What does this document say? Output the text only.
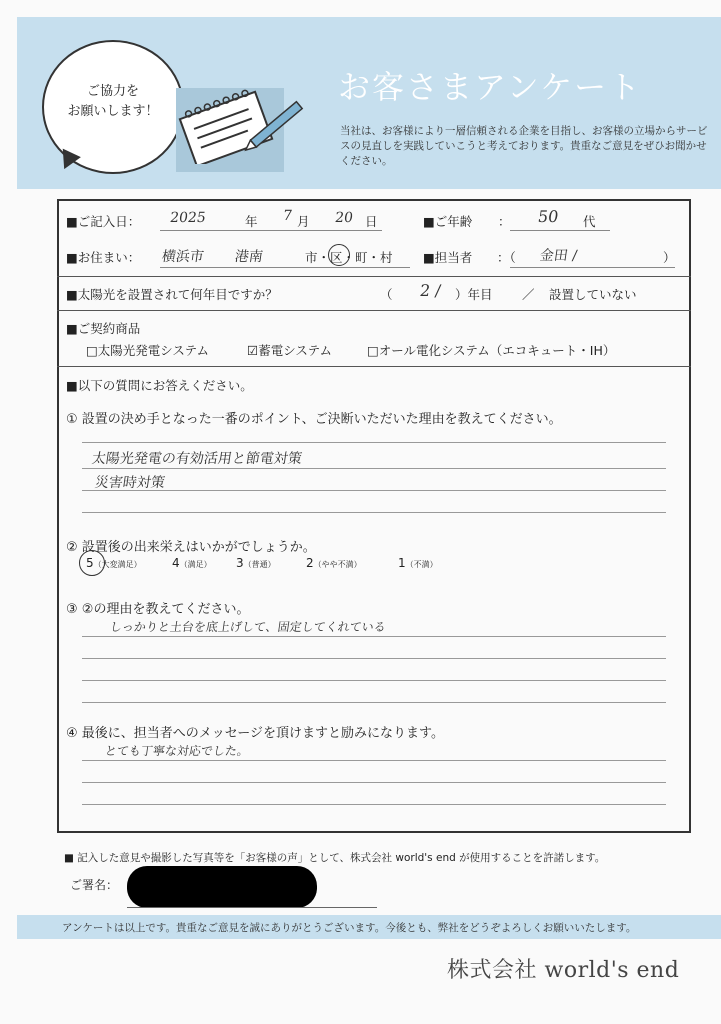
ご協力を
お願いします！
お客さまアンケート
当社は、お客様により一層信頼される企業を目指し、お客様の立場からサービスの見直しを実践していこうと考えております。貴重なご意見をぜひお聞かせください。
■ご記入日： 2025	年 7 月 20 日	■ご年齢 ： 50 代
■お住まい： 横浜市 港南	市・区・町・村 ■担当者 ：（ 金田 /	）
■太陽光を設置されて何年目ですか？	（ 2 / ）年目 ／ 設置していない
■ご契約商品
□太陽光発電システム	☑蓄電システム	□オール電化システム（エコキュート・IH）
■以下の質問にお答えください。
① 設置の決め手となった一番のポイント、ご決断いただいた理由を教えてください。
太陽光発電の有効活用と節電対策
災害時対策
② 設置後の出来栄えはいかがでしょうか。
5（大変満足）	4（満足） 3（普通）	2（やや不満）	1（不満）
③ ②の理由を教えてください。
しっかりと土台を底上げして、固定してくれている
④ 最後に、担当者へのメッセージを頂けますと励みになります。
とても丁寧な対応でした。
■ 記入した意見や撮影した写真等を「お客様の声」として、株式会社 world's end が使用することを許諾します。
ご署名：
アンケートは以上です。貴重なご意見を誠にありがとうございます。今後とも、弊社をどうぞよろしくお願いいたします。
株式会社 world's end
